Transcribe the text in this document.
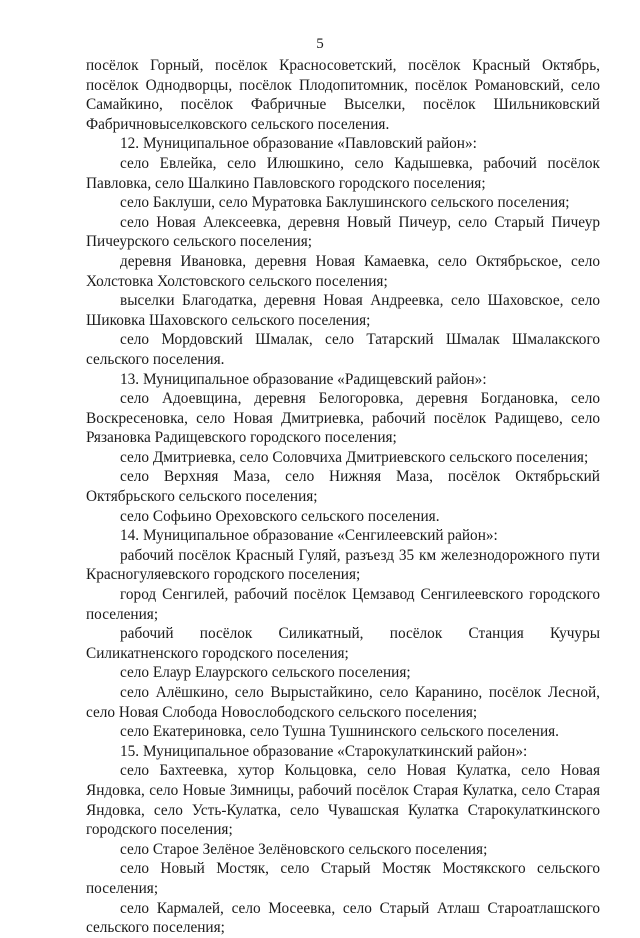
5

посёлок Горный, посёлок Красносоветский, посёлок Красный Октябрь, посёлок Однодворцы, посёлок Плодопитомник, посёлок Романовский, село Самайкино, посёлок Фабричные Выселки, посёлок Шильниковский Фабричновыселковского сельского поселения.

12. Муниципальное образование «Павловский район»:

село Евлейка, село Илюшкино, село Кадышевка, рабочий посёлок Павловка, село Шалкино Павловского городского поселения;

село Баклуши, село Муратовка Баклушинского сельского поселения;

село Новая Алексеевка, деревня Новый Пичеур, село Старый Пичеур Пичеурского сельского поселения;

деревня Ивановка, деревня Новая Камаевка, село Октябрьское, село Холстовка Холстовского сельского поселения;

выселки Благодатка, деревня Новая Андреевка, село Шаховское, село Шиковка Шаховского сельского поселения;

село Мордовский Шмалак, село Татарский Шмалак Шмалакского сельского поселения.

13. Муниципальное образование «Радищевский район»:

село Адоевщина, деревня Белогоровка, деревня Богдановка, село Воскресеновка, село Новая Дмитриевка, рабочий посёлок Радищево, село Рязановка Радищевского городского поселения;

село Дмитриевка, село Соловчиха Дмитриевского сельского поселения;

село Верхняя Маза, село Нижняя Маза, посёлок Октябрьский Октябрьского сельского поселения;

село Софьино Ореховского сельского поселения.

14. Муниципальное образование «Сенгилеевский район»:

рабочий посёлок Красный Гуляй, разъезд 35 км железнодорожного пути Красногуляевского городского поселения;

город Сенгилей, рабочий посёлок Цемзавод Сенгилеевского городского поселения;

рабочий посёлок Силикатный, посёлок Станция Кучуры Силикатненского городского поселения;

село Елаур Елаурского сельского поселения;

село Алёшкино, село Вырыстайкино, село Каранино, посёлок Лесной, село Новая Слобода Новослободского сельского поселения;

село Екатериновка, село Тушна Тушнинского сельского поселения.

15. Муниципальное образование «Старокулаткинский район»:

село Бахтеевка, хутор Кольцовка, село Новая Кулатка, село Новая Яндовка, село Новые Зимницы, рабочий посёлок Старая Кулатка, село Старая Яндовка, село Усть-Кулатка, село Чувашская Кулатка Старокулаткинского городского поселения;

село Старое Зелёное Зелёновского сельского поселения;

село Новый Мостяк, село Старый Мостяк Мостякского сельского поселения;

село Кармалей, село Мосеевка, село Старый Атлаш Староатлашского сельского поселения;
